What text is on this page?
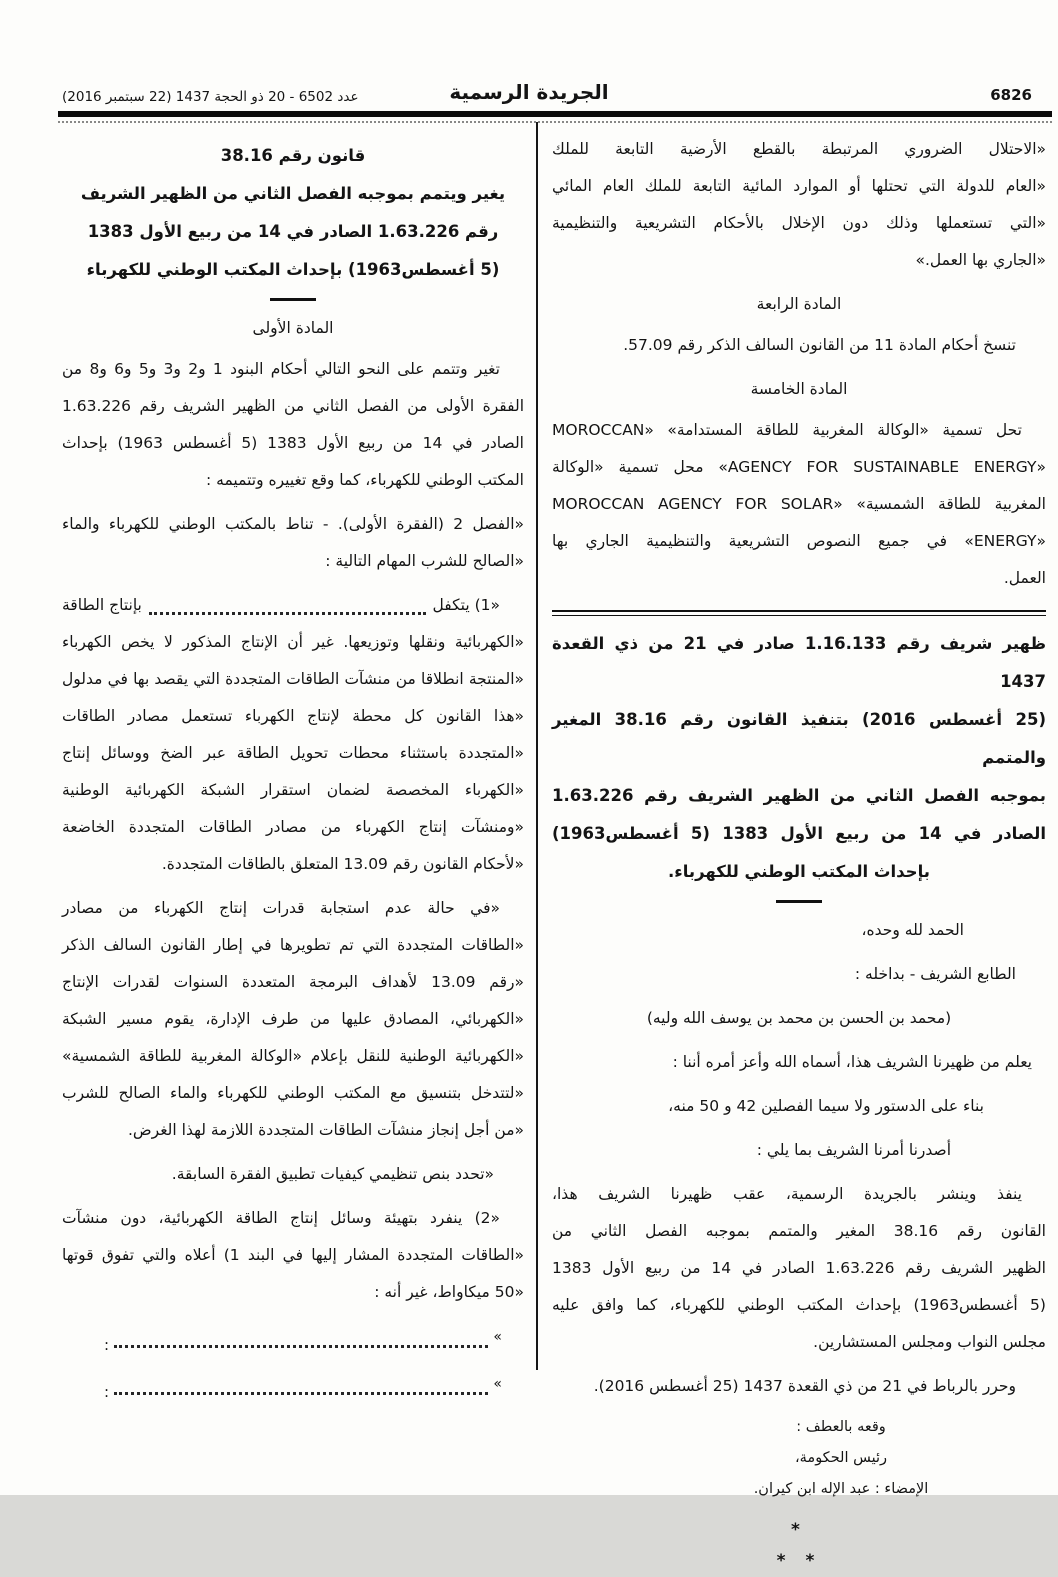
6826
الجريدة الرسمية
عدد 6502 - 20 ذو الحجة 1437 (22 سبتمبر 2016)
«الاحتلال الضروري المرتبطة بالقطع الأرضية التابعة للملك
«العام للدولة التي تحتلها أو الموارد المائية التابعة للملك العام المائي
«التي تستعملها وذلك دون الإخلال بالأحكام التشريعية والتنظيمية
«الجاري بها العمل.»
المادة الرابعة
تنسخ أحكام المادة 11 من القانون السالف الذكر رقم 57.09.
المادة الخامسة
تحل تسمية «الوكالة المغربية للطاقة المستدامة» «MOROCCAN
«AGENCY FOR SUSTAINABLE ENERGY» محل تسمية «الوكالة
المغربية للطاقة الشمسية» «MOROCCAN AGENCY FOR SOLAR
«ENERGY» في جميع النصوص التشريعية والتنظيمية الجاري بها
العمل.
ظهير شريف رقم 1.16.133 صادر في 21 من ذي القعدة 1437
(25 أغسطس 2016) بتنفيذ القانون رقم 38.16 المغير والمتمم
بموجبه الفصل الثاني من الظهير الشريف رقم 1.63.226
الصادر في 14 من ربيع الأول 1383 (5 أغسطس1963)
بإحداث المكتب الوطني للكهرباء.
الحمد لله وحده،
الطابع الشريف - بداخله :
(محمد بن الحسن بن محمد بن يوسف الله وليه)
يعلم من ظهيرنا الشريف هذا، أسماه الله وأعز أمره أننا :
بناء على الدستور ولا سيما الفصلين 42 و 50 منه،
أصدرنا أمرنا الشريف بما يلي :
ينفذ وينشر بالجريدة الرسمية، عقب ظهيرنا الشريف هذا،
القانون رقم 38.16 المغير والمتمم بموجبه الفصل الثاني من
الظهير الشريف رقم 1.63.226 الصادر في 14 من ربيع الأول 1383
(5 أغسطس1963) بإحداث المكتب الوطني للكهرباء، كما وافق عليه
مجلس النواب ومجلس المستشارين.
وحرر بالرباط في 21 من ذي القعدة 1437 (25 أغسطس 2016).
وقعه بالعطف :
رئيس الحكومة،
الإمضاء : عبد الإله ابن كيران.
*
* *
قانون رقم 38.16
يغير ويتمم بموجبه الفصل الثاني من الظهير الشريف
رقم 1.63.226 الصادر في 14 من ربيع الأول 1383
(5 أغسطس1963) بإحداث المكتب الوطني للكهرباء
المادة الأولى
تغير وتتمم على النحو التالي أحكام البنود 1 و2 و3 و5 و6 و8 من
الفقرة الأولى من الفصل الثاني من الظهير الشريف رقم 1.63.226
الصادر في 14 من ربيع الأول 1383 (5 أغسطس 1963) بإحداث
المكتب الوطني للكهرباء، كما وقع تغييره وتتميمه :
«الفصل 2 (الفقرة الأولى). - تناط بالمكتب الوطني للكهرباء والماء
«الصالح للشرب المهام التالية :
«1) يتكفل
بإنتاج الطاقة
«الكهربائية ونقلها وتوزيعها. غير أن الإنتاج المذكور لا يخص الكهرباء
«المنتجة انطلاقا من منشآت الطاقات المتجددة التي يقصد بها في مدلول
«هذا القانون كل محطة لإنتاج الكهرباء تستعمل مصادر الطاقات
«المتجددة باستثناء محطات تحويل الطاقة عبر الضخ ووسائل إنتاج
«الكهرباء المخصصة لضمان استقرار الشبكة الكهربائية الوطنية
«ومنشآت إنتاج الكهرباء من مصادر الطاقات المتجددة الخاضعة
«لأحكام القانون رقم 13.09 المتعلق بالطاقات المتجددة.
«في حالة عدم استجابة قدرات إنتاج الكهرباء من مصادر
«الطاقات المتجددة التي تم تطويرها في إطار القانون السالف الذكر
«رقم 13.09 لأهداف البرمجة المتعددة السنوات لقدرات الإنتاج
«الكهربائي، المصادق عليها من طرف الإدارة، يقوم مسير الشبكة
«الكهربائية الوطنية للنقل بإعلام «الوكالة المغربية للطاقة الشمسية»
«لتتدخل بتنسيق مع المكتب الوطني للكهرباء والماء الصالح للشرب
«من أجل إنجاز منشآت الطاقات المتجددة اللازمة لهذا الغرض.
«تحدد بنص تنظيمي كيفيات تطبيق الفقرة السابقة.
«2) ينفرد بتهيئة وسائل إنتاج الطاقة الكهربائية، دون منشآت
«الطاقات المتجددة المشار إليها في البند 1) أعلاه والتي تفوق قوتها
«50 ميكاواط، غير أنه :
»
:
»
:
